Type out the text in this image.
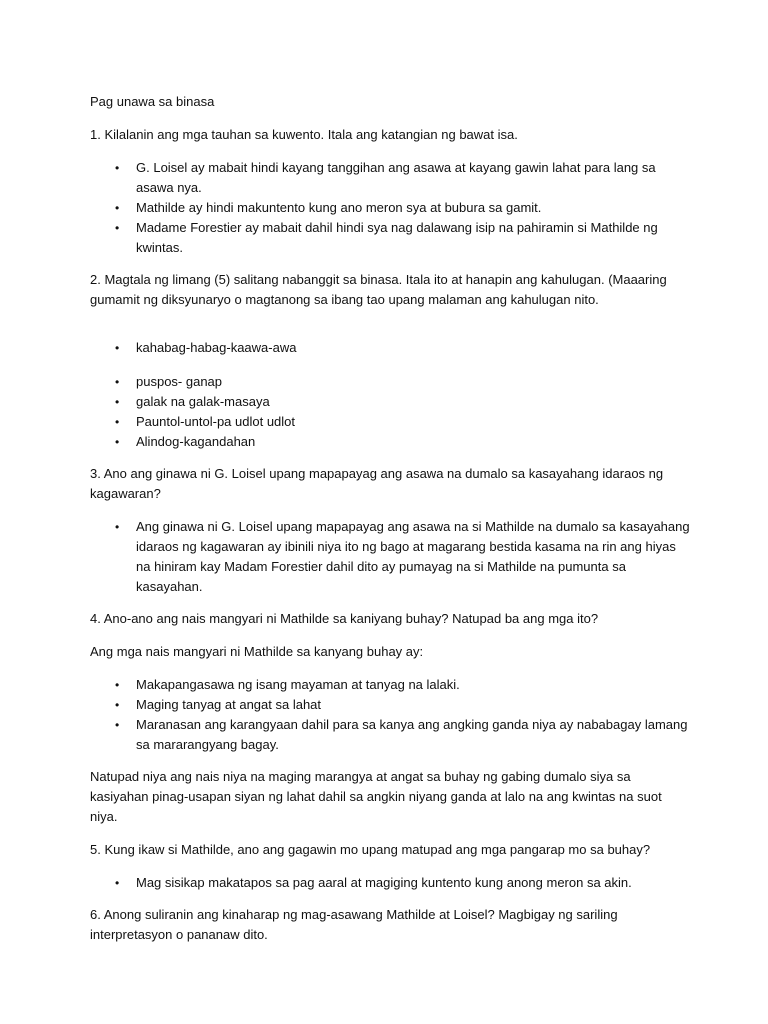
Pag unawa sa binasa

1. Kilalanin ang mga tauhan sa kuwento. Itala ang katangian ng bawat isa.

• G. Loisel ay mabait hindi kayang tanggihan ang asawa at kayang gawin lahat para lang sa asawa nya.
• Mathilde ay hindi makuntento kung ano meron sya at bubura sa gamit.
• Madame Forestier ay mabait dahil hindi sya nag dalawang isip na pahiramin si Mathilde ng kwintas.

2. Magtala ng limang (5) salitang nabanggit sa binasa. Itala ito at hanapin ang kahulugan. (Maaaring gumamit ng diksyunaryo o magtanong sa ibang tao upang malaman ang kahulugan nito.

• kahabag-habag-kaawa-awa
• puspos- ganap
• galak na galak-masaya
• Pauntol-untol-pa udlot udlot
• Alindog-kagandahan

3. Ano ang ginawa ni G. Loisel upang mapapayag ang asawa na dumalo sa kasayahang idaraos ng kagawaran?

• Ang ginawa ni G. Loisel upang mapapayag ang asawa na si Mathilde na dumalo sa kasayahang idaraos ng kagawaran ay ibinili niya ito ng bago at magarang bestida kasama na rin ang hiyas na hiniram kay Madam Forestier dahil dito ay pumayag na si Mathilde na pumunta sa kasayahan.

4. Ano-ano ang nais mangyari ni Mathilde sa kaniyang buhay? Natupad ba ang mga ito?

Ang mga nais mangyari ni Mathilde sa kanyang buhay ay:

• Makapangasawa ng isang mayaman at tanyag na lalaki.
• Maging tanyag at angat sa lahat
• Maranasan ang karangyaan dahil para sa kanya ang angking ganda niya ay nababagay lamang sa mararangyang bagay.

Natupad niya ang nais niya na maging marangya at angat sa buhay ng gabing dumalo siya sa kasiyahan pinag-usapan siyan ng lahat dahil sa angkin niyang ganda at lalo na ang kwintas na suot niya.

5. Kung ikaw si Mathilde, ano ang gagawin mo upang matupad ang mga pangarap mo sa buhay?

• Mag sisikap makatapos sa pag aaral at magiging kuntento kung anong meron sa akin.

6. Anong suliranin ang kinaharap ng mag-asawang Mathilde at Loisel? Magbigay ng sariling interpretasyon o pananaw dito.
